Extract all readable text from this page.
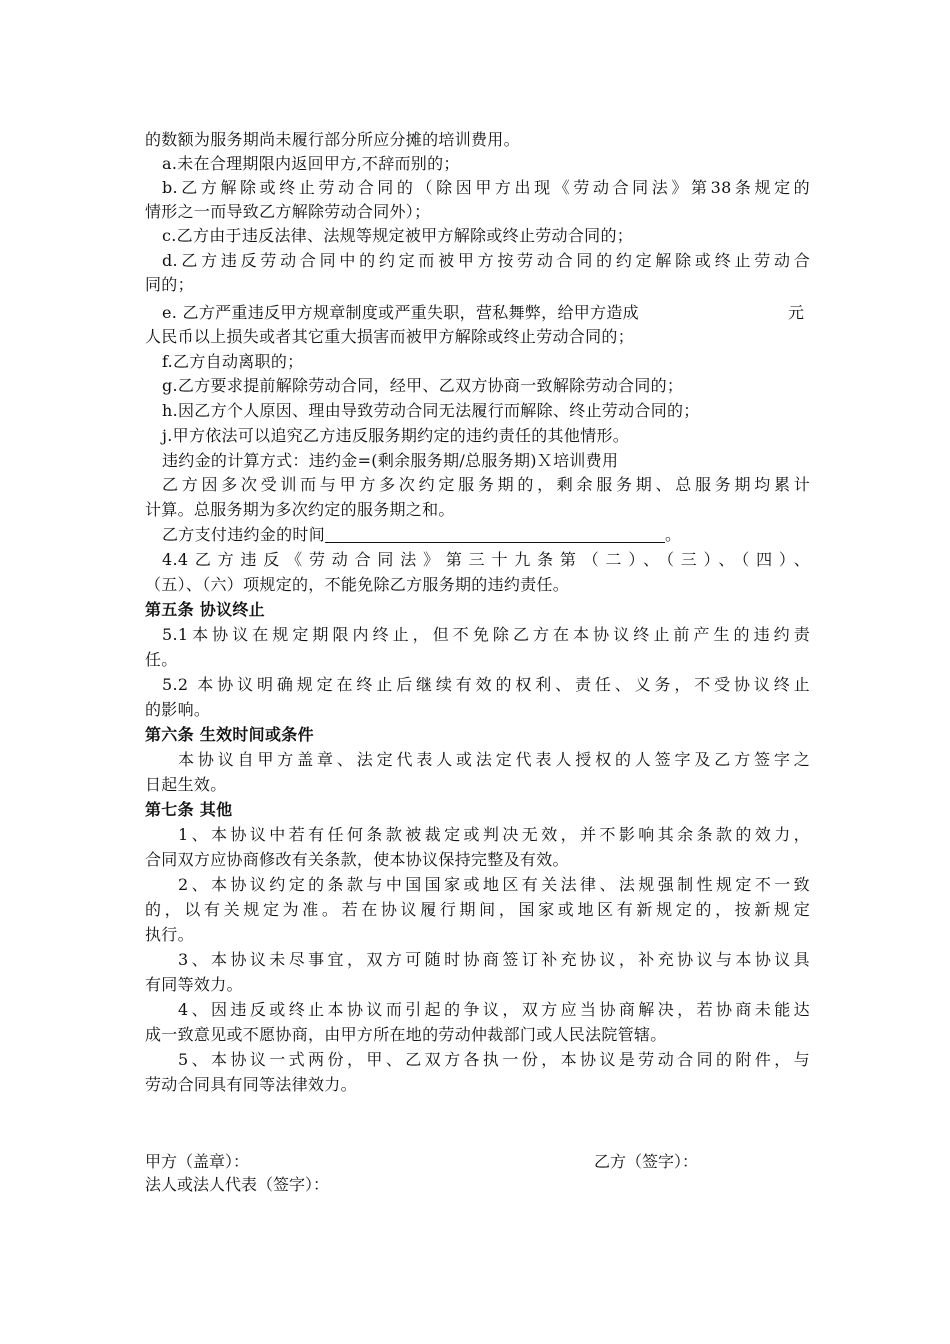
的数额为服务期尚未履行部分所应分摊的培训费用。
a.未在合理期限内返回甲方,不辞而别的；
b.乙方解除或终止劳动合同的（除因甲方出现《劳动合同法》第38条规定的
情形之一而导致乙方解除劳动合同外）；
c.乙方由于违反法律、法规等规定被甲方解除或终止劳动合同的；
d.乙方违反劳动合同中的约定而被甲方按劳动合同的约定解除或终止劳动合
同的；
e. 乙方严重违反甲方规章制度或严重失职，营私舞弊，给甲方造成	元
人民币以上损失或者其它重大损害而被甲方解除或终止劳动合同的；
f.乙方自动离职的；
g.乙方要求提前解除劳动合同，经甲、乙双方协商一致解除劳动合同的；
h.因乙方个人原因、理由导致劳动合同无法履行而解除、终止劳动合同的；
j.甲方依法可以追究乙方违反服务期约定的违约责任的其他情形。
违约金的计算方式：违约金=(剩余服务期/总服务期)Ｘ培训费用
乙方因多次受训而与甲方多次约定服务期的，剩余服务期、总服务期均累计
计算。总服务期为多次约定的服务期之和。
乙方支付违约金的时间	。
4.4乙方违反《劳动合同法》第三十九条第（二）、（三）、（四）、
（五）、（六）项规定的，不能免除乙方服务期的违约责任。
第五条 协议终止
5.1本协议在规定期限内终止，但不免除乙方在本协议终止前产生的违约责
任。
5.2 本协议明确规定在终止后继续有效的权利、责任、义务，不受协议终止
的影响。
第六条 生效时间或条件
本协议自甲方盖章、法定代表人或法定代表人授权的人签字及乙方签字之
日起生效。
第七条 其他
1、本协议中若有任何条款被裁定或判决无效，并不影响其余条款的效力，
合同双方应协商修改有关条款，使本协议保持完整及有效。
2、本协议约定的条款与中国国家或地区有关法律、法规强制性规定不一致
的，以有关规定为准。若在协议履行期间，国家或地区有新规定的，按新规定
执行。
3、本协议未尽事宜，双方可随时协商签订补充协议，补充协议与本协议具
有同等效力。
4、因违反或终止本协议而引起的争议，双方应当协商解决，若协商未能达
成一致意见或不愿协商，由甲方所在地的劳动仲裁部门或人民法院管辖。
5、本协议一式两份，甲、乙双方各执一份，本协议是劳动合同的附件，与
劳动合同具有同等法律效力。
甲方（盖章）：	乙方（签字）：
法人或法人代表（签字）：
